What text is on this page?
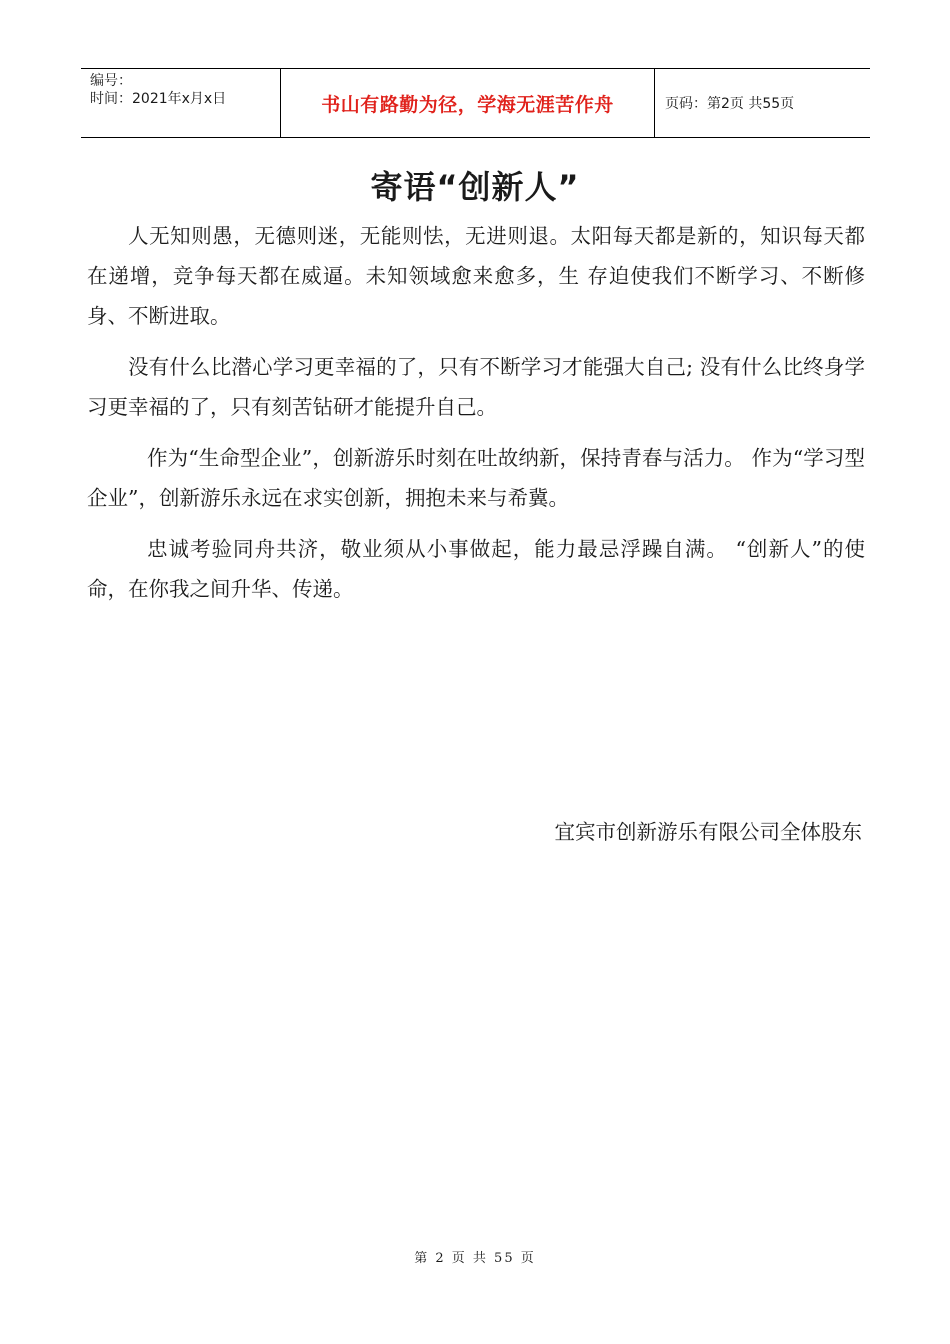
编号：
时间：2021年x月x日	书山有路勤为径，学海无涯苦作舟	页码：第2页 共55页
寄语“创新人”

人无知则愚，无德则迷，无能则怯，无进则退。太阳每天都是新的，知识每天都在递增，竞争每天都在威逼。未知领域愈来愈多，生 存迫使我们不断学习、不断修身、不断进取。

没有什么比潜心学习更幸福的了，只有不断学习才能强大自己; 没有什么比终身学习更幸福的了，只有刻苦钻研才能提升自己。

作为“生命型企业”，创新游乐时刻在吐故纳新，保持青春与活力。 作为“学习型企业”，创新游乐永远在求实创新，拥抱未来与希冀。

忠诚考验同舟共济，敬业须从小事做起，能力最忌浮躁自满。 “创新人”的使命，在你我之间升华、传递。

宜宾市创新游乐有限公司全体股东
第 2 页 共 55 页
